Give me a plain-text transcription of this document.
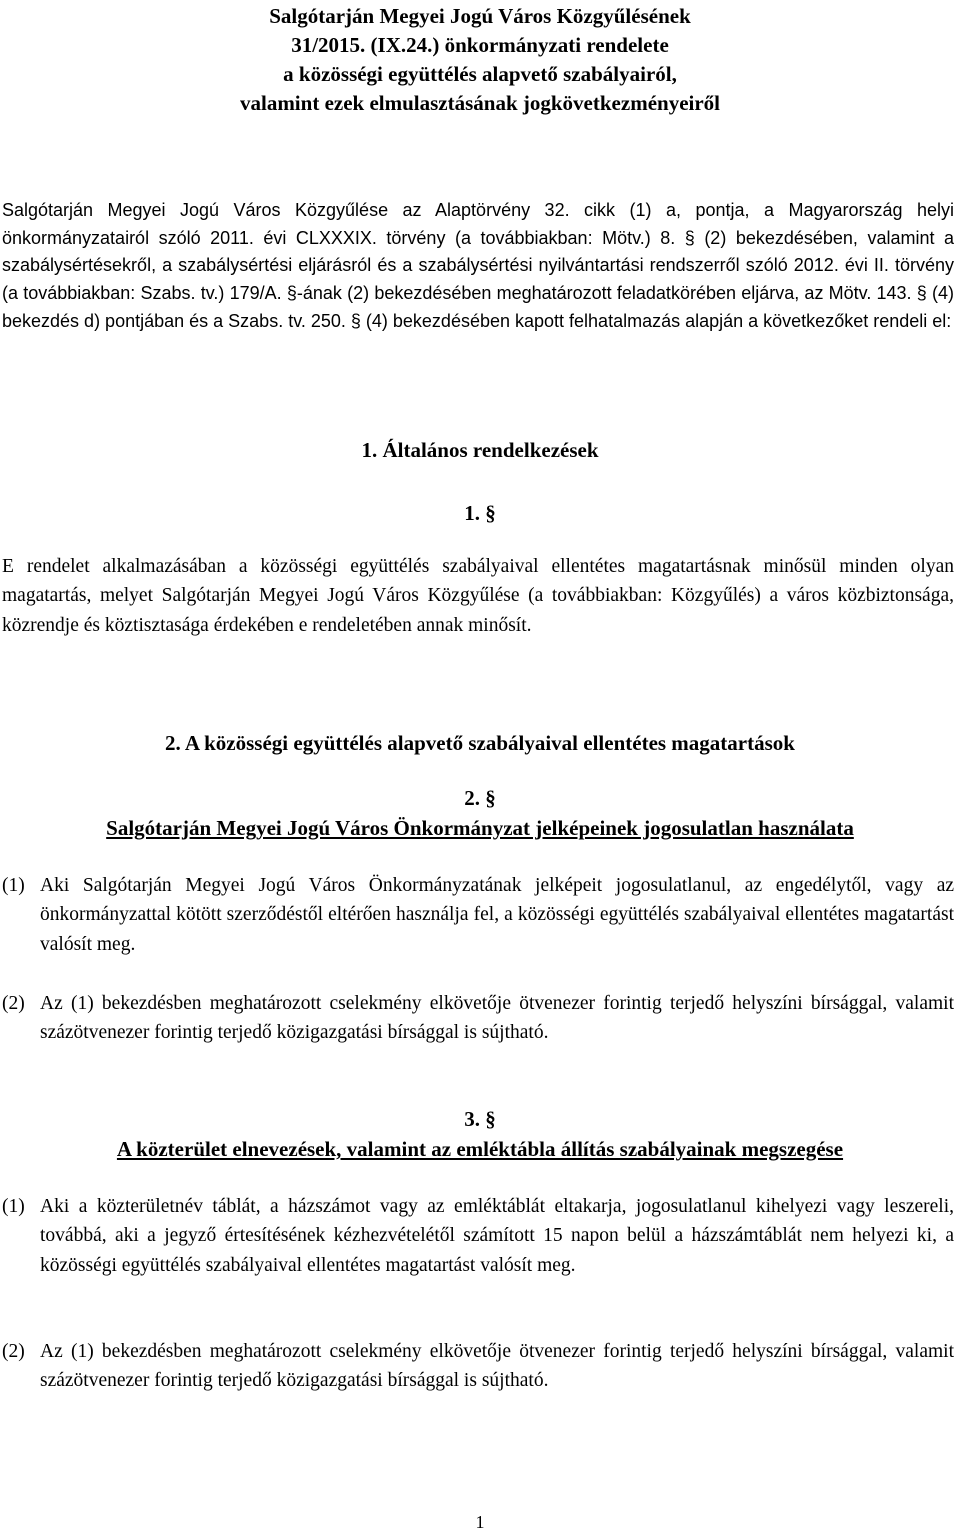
Salgótarján Megyei Jogú Város Közgyűlésének
31/2015. (IX.24.) önkormányzati rendelete
a közösségi együttélés alapvető szabályairól,
valamint ezek elmulasztásának jogkövetkezményeiről

Salgótarján Megyei Jogú Város Közgyűlése az Alaptörvény 32. cikk (1) a, pontja, a Magyarország helyi önkormányzatairól szóló 2011. évi CLXXXIX. törvény (a továbbiakban: Mötv.) 8. § (2) bekezdésében, valamint a szabálysértésekről, a szabálysértési eljárásról és a szabálysértési nyilvántartási rendszerről szóló 2012. évi II. törvény (a továbbiakban: Szabs. tv.) 179/A. §-ának (2) bekezdésében meghatározott feladatkörében eljárva, az Mötv. 143. § (4) bekezdés d) pontjában és a Szabs. tv. 250. § (4) bekezdésében kapott felhatalmazás alapján a következőket rendeli el:

1. Általános rendelkezések
1. §

E rendelet alkalmazásában a közösségi együttélés szabályaival ellentétes magatartásnak minősül minden olyan magatartás, melyet Salgótarján Megyei Jogú Város Közgyűlése (a továbbiakban: Közgyűlés) a város közbiztonsága, közrendje és köztisztasága érdekében e rendeletében annak minősít.

2. A közösségi együttélés alapvető szabályaival ellentétes magatartások
2. §
Salgótarján Megyei Jogú Város Önkormányzat jelképeinek jogosulatlan használata
(1) Aki Salgótarján Megyei Jogú Város Önkormányzatának jelképeit jogosulatlanul, az engedélytől, vagy az önkormányzattal kötött szerződéstől eltérően használja fel, a közösségi együttélés szabályaival ellentétes magatartást valósít meg.
(2) Az (1) bekezdésben meghatározott cselekmény elkövetője ötvenezer forintig terjedő helyszíni bírsággal, valamit százötvenezer forintig terjedő közigazgatási bírsággal is sújtható.
3. §
A közterület elnevezések, valamint az emléktábla állítás szabályainak megszegése
(1) Aki a közterületnév táblát, a házszámot vagy az emléktáblát eltakarja, jogosulatlanul kihelyezi vagy leszereli, továbbá, aki a jegyző értesítésének kézhezvételétől számított 15 napon belül a házszámtáblát nem helyezi ki, a közösségi együttélés szabályaival ellentétes magatartást valósít meg.
(2) Az (1) bekezdésben meghatározott cselekmény elkövetője ötvenezer forintig terjedő helyszíni bírsággal, valamit százötvenezer forintig terjedő közigazgatási bírsággal is sújtható.
1
